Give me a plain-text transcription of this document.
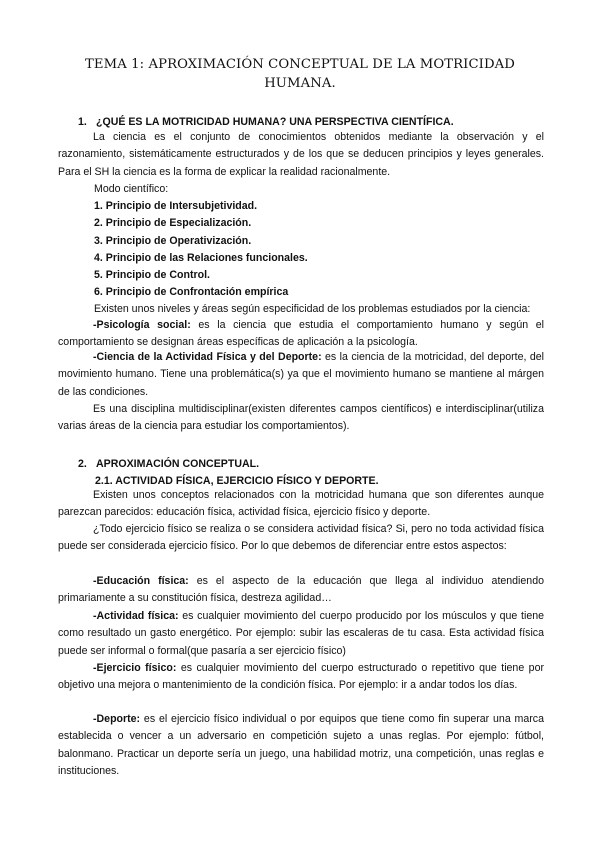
TEMA 1: APROXIMACIÓN CONCEPTUAL DE LA MOTRICIDAD HUMANA.
1. ¿QUÉ ES LA MOTRICIDAD HUMANA? UNA PERSPECTIVA CIENTÍFICA.
La ciencia es el conjunto de conocimientos obtenidos mediante la observación y el razonamiento, sistemáticamente estructurados y de los que se deducen principios y leyes generales. Para el SH la ciencia es la forma de explicar la realidad racionalmente.
Modo científico:
1. Principio de Intersubjetividad.
2. Principio de Especialización.
3. Principio de Operativización.
4. Principio de las Relaciones funcionales.
5. Principio de Control.
6. Principio de Confrontación empírica
Existen unos niveles y áreas según especificidad de los problemas estudiados por la ciencia:
-Psicología social: es la ciencia que estudia el comportamiento humano y según el comportamiento se designan áreas específicas de aplicación a la psicología.
-Ciencia de la Actividad Física y del Deporte: es la ciencia de la motricidad, del deporte, del movimiento humano. Tiene una problemática(s) ya que el movimiento humano se mantiene al márgen de las condiciones.
Es una disciplina multidisciplinar(existen diferentes campos científicos) e interdisciplinar(utiliza varias áreas de la ciencia para estudiar los comportamientos).
2. APROXIMACIÓN CONCEPTUAL.
2.1. ACTIVIDAD FÍSICA, EJERCICIO FÍSICO Y DEPORTE.
Existen unos conceptos relacionados con la motricidad humana que son diferentes aunque parezcan parecidos: educación física, actividad física, ejercicio físico y deporte.
¿Todo ejercicio físico se realiza o se considera actividad física? Si, pero no toda actividad física puede ser considerada ejercicio físico. Por lo que debemos de diferenciar entre estos aspectos:
-Educación física: es el aspecto de la educación que llega al individuo atendiendo primariamente a su constitución física, destreza agilidad…
-Actividad física: es cualquier movimiento del cuerpo producido por los músculos y que tiene como resultado un gasto energético. Por ejemplo: subir las escaleras de tu casa. Esta actividad física puede ser informal o formal(que pasaría a ser ejercicio físico)
-Ejercicio físico: es cualquier movimiento del cuerpo estructurado o repetitivo que tiene por objetivo una mejora o mantenimiento de la condición física. Por ejemplo: ir a andar todos los días.
-Deporte: es el ejercicio físico individual o por equipos que tiene como fin superar una marca establecida o vencer a un adversario en competición sujeto a unas reglas. Por ejemplo: fútbol, balonmano. Practicar un deporte sería un juego, una habilidad motriz, una competición, unas reglas e instituciones.
